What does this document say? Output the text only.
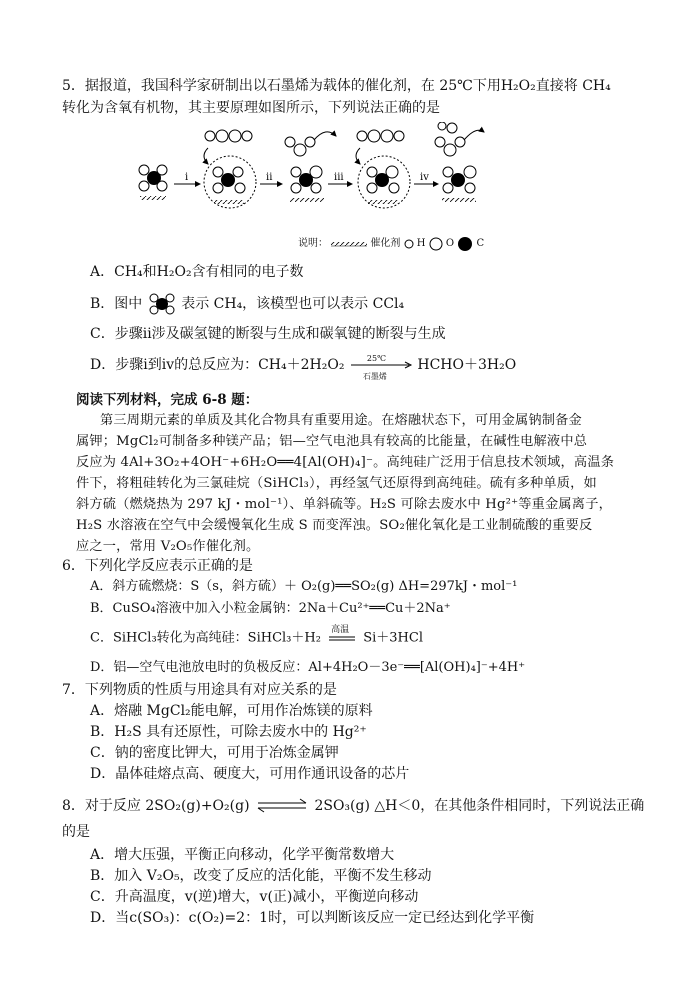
5．据报道，我国科学家研制出以石墨烯为载体的催化剂，在 25℃下用H₂O₂直接将 CH₄
转化为含氧有机物，其主要原理如图所示，下列说法正确的是
i	ii	iii	iv
说明：	催化剂 H O C
A．CH₄和H₂O₂含有相同的电子数
B．图中	表示 CH₄，该模型也可以表示 CCl₄
C．步骤ⅱ涉及碳氢键的断裂与生成和碳氧键的断裂与生成
D．步骤ⅰ到ⅳ的总反应为：CH₄＋2H₂O₂	25℃
石墨烯
HCHO＋3H₂O
阅读下列材料，完成 6-8 题：
第三周期元素的单质及其化合物具有重要用途。在熔融状态下，可用金属钠制备金
属钾；MgCl₂可制备多种镁产品；铝—空气电池具有较高的比能量，在碱性电解液中总
反应为 4Al+3O₂+4OH⁻+6H₂O══4[Al(OH)₄]⁻。高纯硅广泛用于信息技术领域，高温条
件下，将粗硅转化为三氯硅烷（SiHCl₃），再经氢气还原得到高纯硅。硫有多种单质，如
斜方硫（燃烧热为 297 kJ・mol⁻¹）、单斜硫等。H₂S 可除去废水中 Hg²⁺等重金属离子，
H₂S 水溶液在空气中会缓慢氧化生成 S 而变浑浊。SO₂催化氧化是工业制硫酸的重要反
应之一，常用 V₂O₅作催化剂。
6．下列化学反应表示正确的是
A．斜方硫燃烧：S（s，斜方硫）＋ O₂(g)══SO₂(g) ΔH=297kJ・mol⁻¹
B．CuSO₄溶液中加入小粒金属钠：2Na＋Cu²⁺══Cu＋2Na⁺
C．SiHCl₃转化为高纯硅：SiHCl₃＋H₂
高温
Si＋3HCl
D．铝—空气电池放电时的负极反应：Al+4H₂O－3e⁻══[Al(OH)₄]⁻+4H⁺
7．下列物质的性质与用途具有对应关系的是
A．熔融 MgCl₂能电解，可用作冶炼镁的原料
B．H₂S 具有还原性，可除去废水中的 Hg²⁺
C．钠的密度比钾大，可用于冶炼金属钾
D．晶体硅熔点高、硬度大，可用作通讯设备的芯片
8．对于反应 2SO₂(g)+O₂(g) ⇌ 2SO₃(g) △H＜0，在其他条件相同时，下列说法正确
的是
A．增大压强，平衡正向移动，化学平衡常数增大
B．加入 V₂O₅，改变了反应的活化能，平衡不发生移动
C．升高温度，v(逆)增大，v(正)减小，平衡逆向移动
D．当c(SO₃)：c(O₂)=2：1时，可以判断该反应一定已经达到化学平衡
